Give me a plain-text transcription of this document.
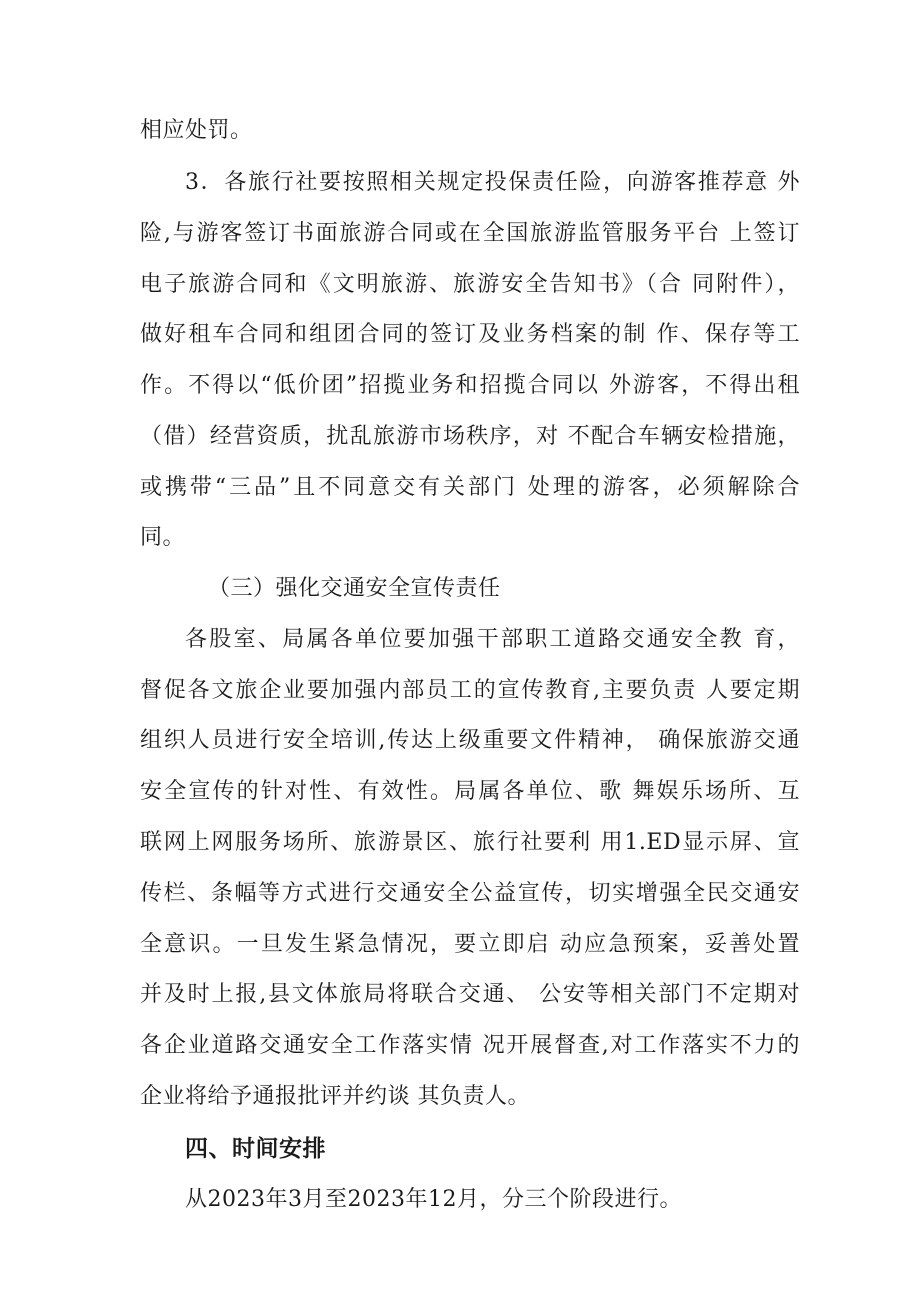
相应处罚。
3．各旅行社要按照相关规定投保责任险，向游客推荐意 外
险,与游客签订书面旅游合同或在全国旅游监管服务平台 上签订
电子旅游合同和《文明旅游、旅游安全告知书》（合 同附件），
做好租车合同和组团合同的签订及业务档案的制 作、保存等工
作。不得以“低价团”招揽业务和招揽合同以 外游客，不得出租
（借）经营资质，扰乱旅游市场秩序，对 不配合车辆安检措施，
或携带“三品”且不同意交有关部门 处理的游客，必须解除合
同。
（三）强化交通安全宣传责任
各股室、局属各单位要加强干部职工道路交通安全教 育，
督促各文旅企业要加强内部员工的宣传教育,主要负责 人要定期
组织人员进行安全培训,传达上级重要文件精神， 确保旅游交通
安全宣传的针对性、有效性。局属各单位、歌 舞娱乐场所、互
联网上网服务场所、旅游景区、旅行社要利 用1.ED显示屏、宣
传栏、条幅等方式进行交通安全公益宣传，切实增强全民交通安
全意识。一旦发生紧急情况，要立即启 动应急预案，妥善处置
并及时上报,县文体旅局将联合交通、 公安等相关部门不定期对
各企业道路交通安全工作落实情 况开展督查,对工作落实不力的
企业将给予通报批评并约谈 其负责人。
四、时间安排
从2023年3月至2023年12月，分三个阶段进行。
